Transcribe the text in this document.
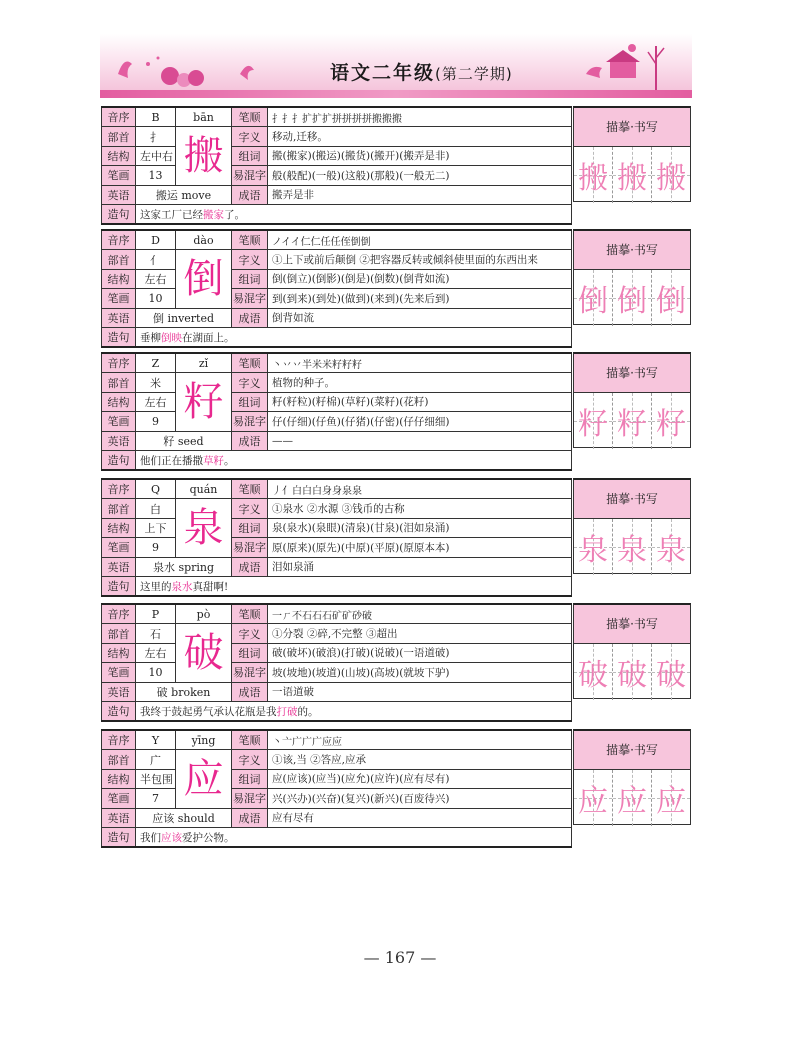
语文二年级(第二学期)
音序	B	bān	笔顺	扌扌扌扩扩扩拼拼拼拼搬搬搬
部首	扌	搬	字义	移动,迁移。
结构	左中右		组词	搬(搬家)(搬运)(搬货)(搬开)(搬弄是非)
笔画	13		易混字	般(般配)(一般)(这般)(那般)(一般无二)
英语	搬运 move		成语	搬弄是非
造句	这家工厂已经搬家了。			
描摹·书写
搬 搬 搬
音序	D	dào	笔顺	ノイイ仁仁任任侄倒倒
部首	亻	倒	字义	①上下或前后颠倒 ②把容器反转或倾斜使里面的东西出来
结构	左右		组词	倒(倒立)(倒影)(倒是)(倒数)(倒背如流)
笔画	10		易混字	到(到来)(到处)(做到)(来到)(先来后到)
英语	倒 inverted		成语	倒背如流
造句	垂柳倒映在湖面上。			
描摹·书写
倒 倒 倒
音序	Z	zǐ	笔顺	丶丷丷半米米籽籽籽
部首	米	籽	字义	植物的种子。
结构	左右		组词	籽(籽粒)(籽棉)(草籽)(菜籽)(花籽)
笔画	9		易混字	仔(仔细)(仔鱼)(仔猪)(仔密)(仔仔细细)
英语	籽 seed		成语	——
造句	他们正在播撒草籽。			
描摹·书写
籽 籽 籽
音序	Q	quán	笔顺	丿亻白白白身身泉泉
部首	白	泉	字义	①泉水 ②水源 ③钱币的古称
结构	上下		组词	泉(泉水)(泉眼)(清泉)(甘泉)(泪如泉涌)
笔画	9		易混字	原(原来)(原先)(中原)(平原)(原原本本)
英语	泉水 spring		成语	泪如泉涌
造句	这里的泉水真甜啊!			
描摹·书写
泉 泉 泉
音序	P	pò	笔顺	一ㄏ不石石石矿矿砂破
部首	石	破	字义	①分裂 ②碎,不完整 ③超出
结构	左右		组词	破(破坏)(破浪)(打破)(说破)(一语道破)
笔画	10		易混字	坡(坡地)(坡道)(山坡)(高坡)(就坡下驴)
英语	破 broken		成语	一语道破
造句	我终于鼓起勇气承认花瓶是我打破的。			
描摹·书写
破 破 破
音序	Y	yīng	笔顺	丶亠广广广应应
部首	广	应	字义	①该,当 ②答应,应承
结构	半包围		组词	应(应该)(应当)(应允)(应许)(应有尽有)
笔画	7		易混字	兴(兴办)(兴奋)(复兴)(新兴)(百废待兴)
英语	应该 should		成语	应有尽有
造句	我们应该爱护公物。			
描摹·书写
应 应 应
— 167 —
